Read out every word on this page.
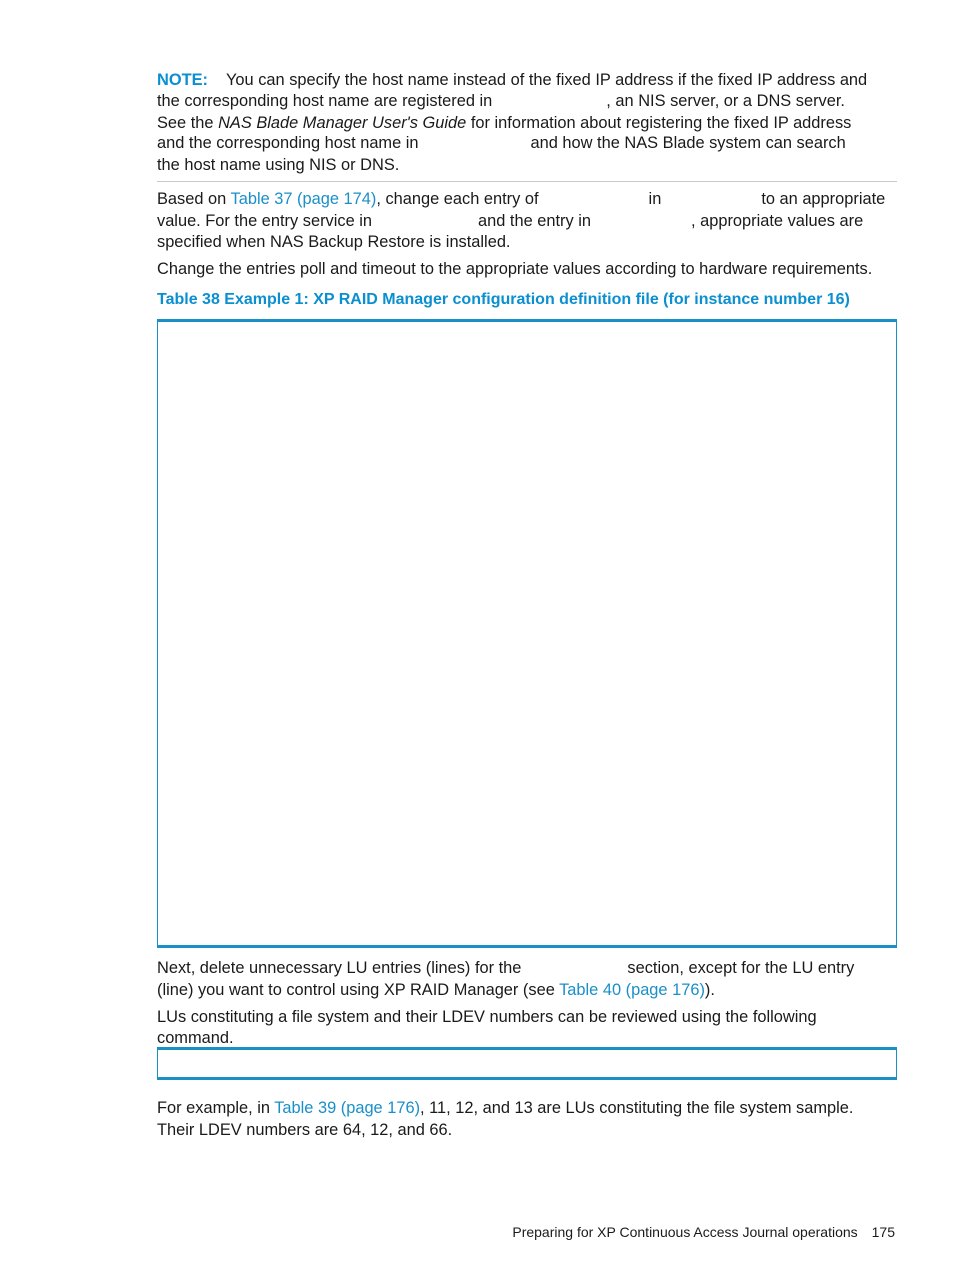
NOTE: You can specify the host name instead of the fixed IP address if the fixed IP address and

the corresponding host name are registered in	, an NIS server, or a DNS server.

See the NAS Blade Manager User's Guide for information about registering the fixed IP address

and the corresponding host name in	and how the NAS Blade system can search

the host name using NIS or DNS.

Based on Table 37 (page 174), change each entry of	in	to an appropriate

value. For the entry service in	and the entry in	, appropriate values are

specified when NAS Backup Restore is installed.

Change the entries poll and timeout to the appropriate values according to hardware requirements.

Table 38 Example 1: XP RAID Manager configuration definition file (for instance number 16)

Next, delete unnecessary LU entries (lines) for the	section, except for the LU entry

(line) you want to control using XP RAID Manager (see Table 40 (page 176)).

LUs constituting a file system and their LDEV numbers can be reviewed using the following command.

For example, in Table 39 (page 176), 11, 12, and 13 are LUs constituting the file system sample.

Their LDEV numbers are 64, 12, and 66.

Preparing for XP Continuous Access Journal operations 175
